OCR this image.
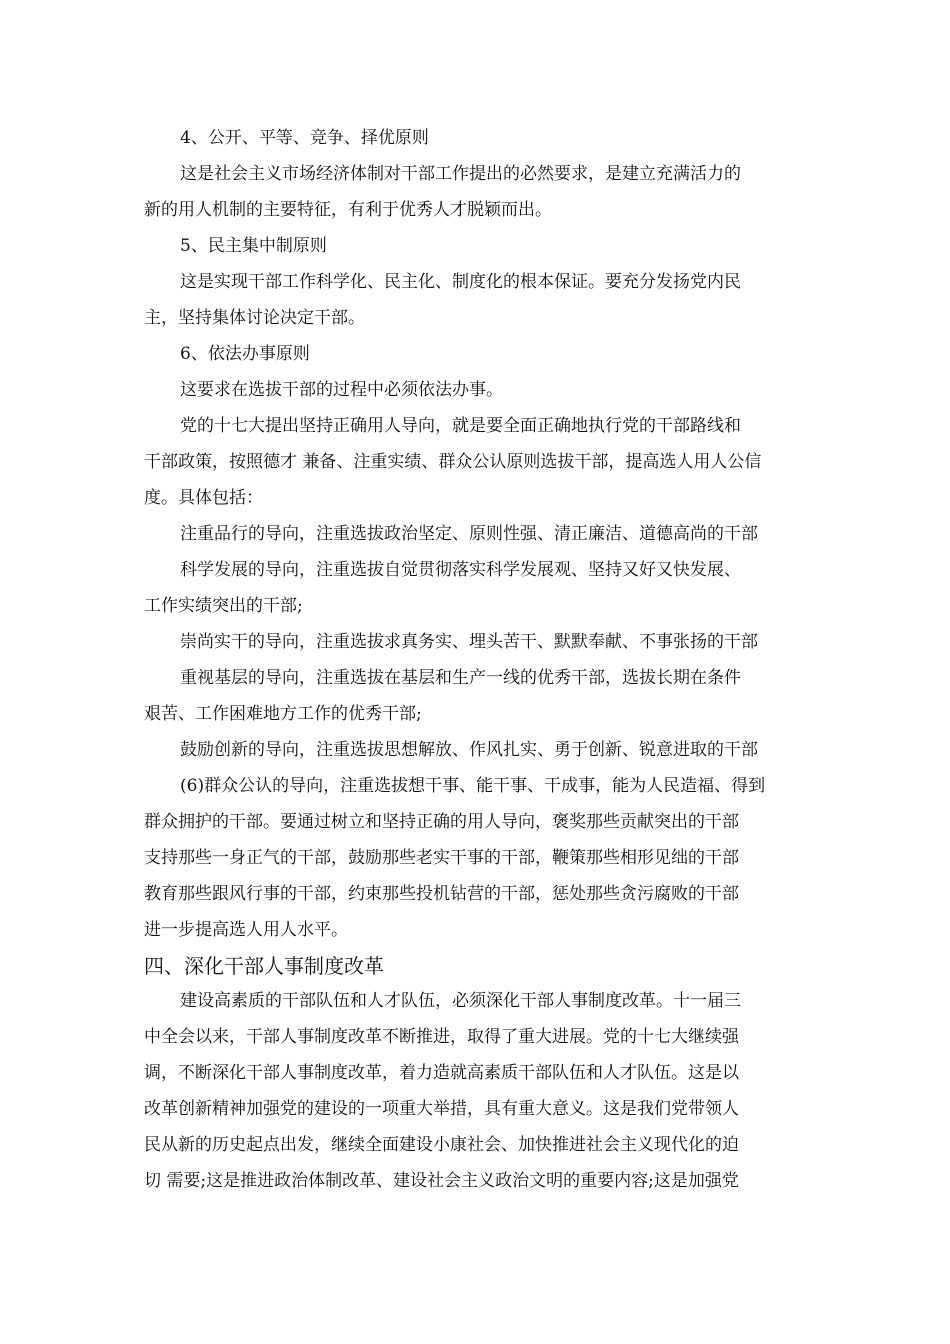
4、公开、平等、竞争、择优原则
这是社会主义市场经济体制对干部工作提出的必然要求，是建立充满活力的
新的用人机制的主要特征，有利于优秀人才脱颖而出。
5、民主集中制原则
这是实现干部工作科学化、民主化、制度化的根本保证。要充分发扬党内民
主，坚持集体讨论决定干部。
6、依法办事原则
这要求在选拔干部的过程中必须依法办事。
党的十七大提出坚持正确用人导向，就是要全面正确地执行党的干部路线和
干部政策，按照德才 兼备、注重实绩、群众公认原则选拔干部，提高选人用人公信
度。具体包括：
注重品行的导向，注重选拔政治坚定、原则性强、清正廉洁、道德高尚的干部
科学发展的导向，注重选拔自觉贯彻落实科学发展观、坚持又好又快发展、
工作实绩突出的干部;
崇尚实干的导向，注重选拔求真务实、埋头苦干、默默奉献、不事张扬的干部
重视基层的导向，注重选拔在基层和生产一线的优秀干部，选拔长期在条件
艰苦、工作困难地方工作的优秀干部;
鼓励创新的导向，注重选拔思想解放、作风扎实、勇于创新、锐意进取的干部
(6)群众公认的导向，注重选拔想干事、能干事、干成事，能为人民造福、得到
群众拥护的干部。要通过树立和坚持正确的用人导向，褒奖那些贡献突出的干部
支持那些一身正气的干部，鼓励那些老实干事的干部，鞭策那些相形见绌的干部
教育那些跟风行事的干部，约束那些投机钻营的干部，惩处那些贪污腐败的干部
进一步提高选人用人水平。
四、深化干部人事制度改革
建设高素质的干部队伍和人才队伍，必须深化干部人事制度改革。十一届三
中全会以来，干部人事制度改革不断推进，取得了重大进展。党的十七大继续强
调，不断深化干部人事制度改革，着力造就高素质干部队伍和人才队伍。这是以
改革创新精神加强党的建设的一项重大举措，具有重大意义。这是我们党带领人
民从新的历史起点出发，继续全面建设小康社会、加快推进社会主义现代化的迫
切 需要;这是推进政治体制改革、建设社会主义政治文明的重要内容;这是加强党
